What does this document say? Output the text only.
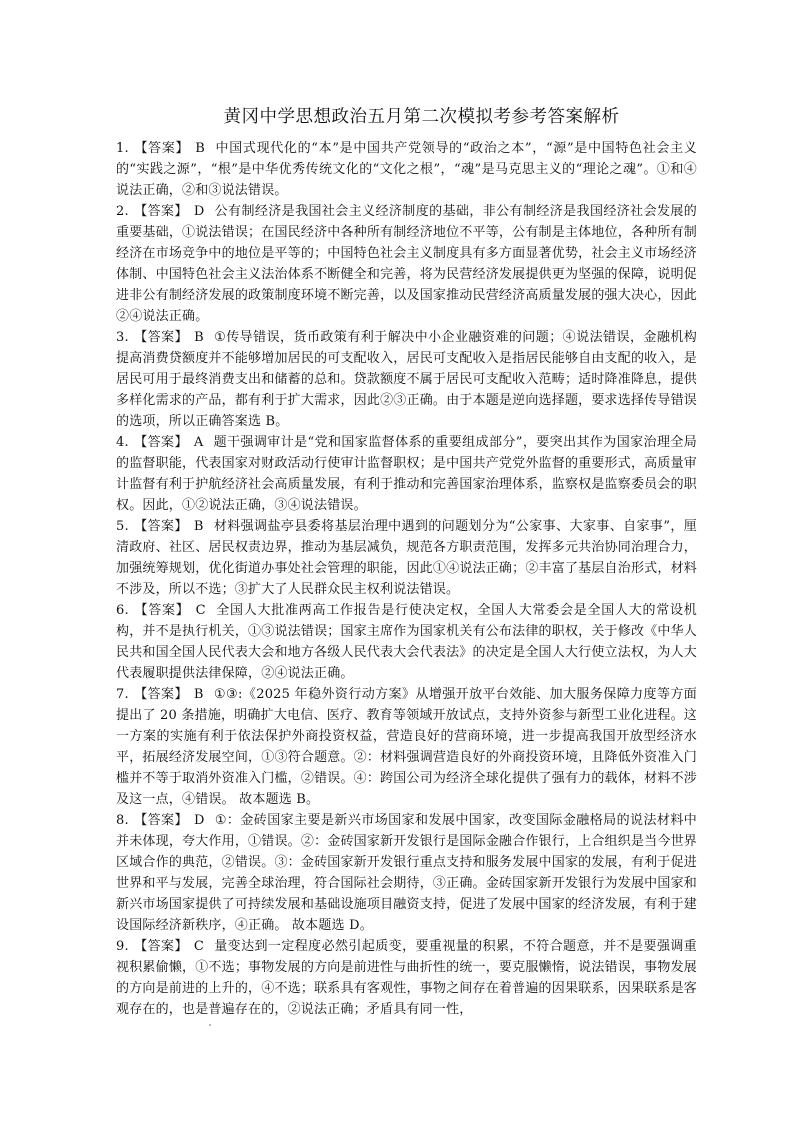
黄冈中学思想政治五月第二次模拟考参考答案解析

1. 【答案】 B 中国式现代化的“本”是中国共产党领导的“政治之本”，“源”是中国特色社会主义的“实践之源”，“根”是中华优秀传统文化的“文化之根”，“魂”是马克思主义的“理论之魂”。①和④说法正确，②和③说法错误。

2. 【答案】 D 公有制经济是我国社会主义经济制度的基础，非公有制经济是我国经济社会发展的重要基础，①说法错误；在国民经济中各种所有制经济地位不平等，公有制是主体地位，各种所有制经济在市场竞争中的地位是平等的；中国特色社会主义制度具有多方面显著优势，社会主义市场经济体制、中国特色社会主义法治体系不断健全和完善，将为民营经济发展提供更为坚强的保障，说明促进非公有制经济发展的政策制度环境不断完善，以及国家推动民营经济高质量发展的强大决心，因此②④说法正确。

3. 【答案】 B ①传导错误，货币政策有利于解决中小企业融资难的问题；④说法错误，金融机构提高消费贷额度并不能够增加居民的可支配收入，居民可支配收入是指居民能够自由支配的收入，是居民可用于最终消费支出和储蓄的总和。贷款额度不属于居民可支配收入范畴；适时降准降息，提供多样化需求的产品，都有利于扩大需求，因此②③正确。由于本题是逆向选择题，要求选择传导错误的选项，所以正确答案选 B。

4. 【答案】 A 题干强调审计是“党和国家监督体系的重要组成部分”，要突出其作为国家治理全局的监督职能，代表国家对财政活动行使审计监督职权；是中国共产党党外监督的重要形式，高质量审计监督有利于护航经济社会高质量发展，有利于推动和完善国家治理体系，监察权是监察委员会的职权。因此，①②说法正确，③④说法错误。

5. 【答案】 B 材料强调盐亭县委将基层治理中遇到的问题划分为“公家事、大家事、自家事”，厘清政府、社区、居民权责边界，推动为基层减负，规范各方职责范围，发挥多元共治协同治理合力，加强统筹规划，优化街道办事处社会管理的职能，因此①④说法正确；②丰富了基层自治形式，材料不涉及，所以不选；③扩大了人民群众民主权利说法错误。

6. 【答案】 C 全国人大批准两高工作报告是行使决定权，全国人大常委会是全国人大的常设机构，并不是执行机关，①③说法错误；国家主席作为国家机关有公布法律的职权，关于修改《中华人民共和国全国人民代表大会和地方各级人民代表大会代表法》的决定是全国人大行使立法权，为人大代表履职提供法律保障，②④说法正确。

7. 【答案】 B ①③:《2025 年稳外资行动方案》从增强开放平台效能、加大服务保障力度等方面提出了 20 条措施，明确扩大电信、医疗、教育等领域开放试点，支持外资参与新型工业化进程。这一方案的实施有利于依法保护外商投资权益，营造良好的营商环境，进一步提高我国开放型经济水平，拓展经济发展空间，①③符合题意。②：材料强调营造良好的外商投资环境，且降低外资准入门槛并不等于取消外资准入门槛，②错误。④：跨国公司为经济全球化提供了强有力的载体，材料不涉及这一点，④错误。 故本题选 B。

8. 【答案】 D ①：金砖国家主要是新兴市场国家和发展中国家，改变国际金融格局的说法材料中并未体现，夸大作用，①错误。②：金砖国家新开发银行是国际金融合作银行，上合组织是当今世界区域合作的典范，②错误。③：金砖国家新开发银行重点支持和服务发展中国家的发展，有利于促进世界和平与发展，完善全球治理，符合国际社会期待，③正确。金砖国家新开发银行为发展中国家和新兴市场国家提供了可持续发展和基础设施项目融资支持，促进了发展中国家的经济发展，有利于建设国际经济新秩序，④正确。 故本题选 D。

9. 【答案】 C 量变达到一定程度必然引起质变，要重视量的积累，不符合题意，并不是要强调重视积累偷懒，①不选；事物发展的方向是前进性与曲折性的统一，要克服懒惰，说法错误，事物发展的方向是前进的上升的，④不选；联系具有客观性，事物之间存在着普遍的因果联系，因果联系是客观存在的，也是普遍存在的，②说法正确；矛盾具有同一性，
